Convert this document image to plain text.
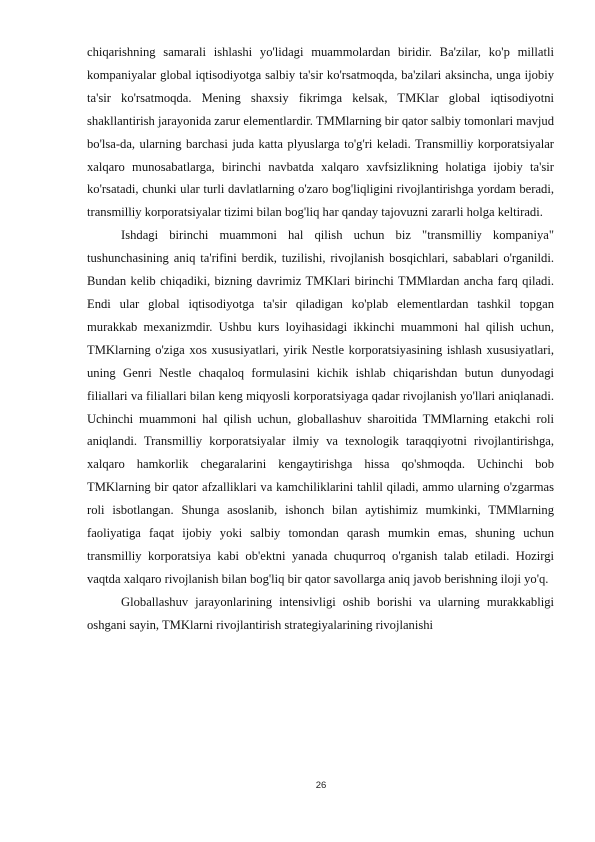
chiqarishning samarali ishlashi yo'lidagi muammolardan biridir. Ba'zilar, ko'p millatli kompaniyalar global iqtisodiyotga salbiy ta'sir ko'rsatmoqda, ba'zilari aksincha, unga ijobiy ta'sir ko'rsatmoqda. Mening shaxsiy fikrimga kelsak, TMKlar global iqtisodiyotni shakllantirish jarayonida zarur elementlardir. TMMlarning bir qator salbiy tomonlari mavjud bo'lsa-da, ularning barchasi juda katta plyuslarga to'g'ri keladi. Transmilliy korporatsiyalar xalqaro munosabatlarga, birinchi navbatda xalqaro xavfsizlikning holatiga ijobiy ta'sir ko'rsatadi, chunki ular turli davlatlarning o'zaro bog'liqligini rivojlantirishga yordam beradi, transmilliy korporatsiyalar tizimi bilan bog'liq har qanday tajovuzni zararli holga keltiradi.

Ishdagi birinchi muammoni hal qilish uchun biz "transmilliy kompaniya" tushunchasining aniq ta'rifini berdik, tuzilishi, rivojlanish bosqichlari, sabablari o'rganildi. Bundan kelib chiqadiki, bizning davrimiz TMKlari birinchi TMMlardan ancha farq qiladi. Endi ular global iqtisodiyotga ta'sir qiladigan ko'plab elementlardan tashkil topgan murakkab mexanizmdir. Ushbu kurs loyihasidagi ikkinchi muammoni hal qilish uchun, TMKlarning o'ziga xos xususiyatlari, yirik Nestle korporatsiyasining ishlash xususiyatlari, uning Genri Nestle chaqaloq formulasini kichik ishlab chiqarishdan butun dunyodagi filiallari va filiallari bilan keng miqyosli korporatsiyaga qadar rivojlanish yo'llari aniqlanadi. Uchinchi muammoni hal qilish uchun, globallashuv sharoitida TMMlarning etakchi roli aniqlandi. Transmilliy korporatsiyalar ilmiy va texnologik taraqqiyotni rivojlantirishga, xalqaro hamkorlik chegaralarini kengaytirishga hissa qo'shmoqda. Uchinchi bob TMKlarning bir qator afzalliklari va kamchiliklarini tahlil qiladi, ammo ularning o'zgarmas roli isbotlangan. Shunga asoslanib, ishonch bilan aytishimiz mumkinki, TMMlarning faoliyatiga faqat ijobiy yoki salbiy tomondan qarash mumkin emas, shuning uchun transmilliy korporatsiya kabi ob'ektni yanada chuqurroq o'rganish talab etiladi. Hozirgi vaqtda xalqaro rivojlanish bilan bog'liq bir qator savollarga aniq javob berishning iloji yo'q.

Globallashuv jarayonlarining intensivligi oshib borishi va ularning murakkabligi oshgani sayin, TMKlarni rivojlantirish strategiyalarining rivojlanishi

26
